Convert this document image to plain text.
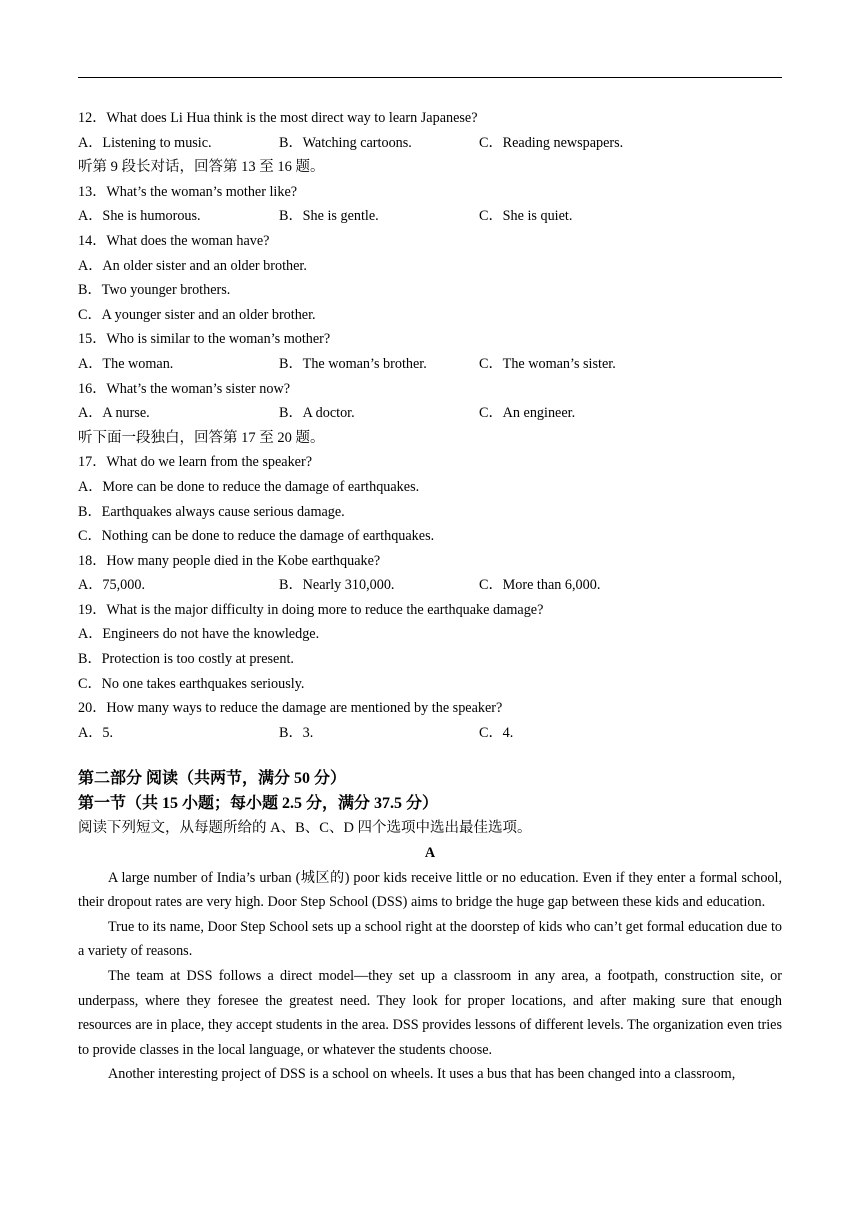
12．What does Li Hua think is the most direct way to learn Japanese?
A．Listening to music.	B．Watching cartoons.	C．Reading newspapers.
听第 9 段长对话，回答第 13 至 16 题。
13．What’s the woman’s mother like?
A．She is humorous.	B．She is gentle.	C．She is quiet.
14．What does the woman have?
A．An older sister and an older brother.
B．Two younger brothers.
C．A younger sister and an older brother.
15．Who is similar to the woman’s mother?
A．The woman.	B．The woman’s brother.	C．The woman’s sister.
16．What’s the woman’s sister now?
A．A nurse.	B．A doctor.	C．An engineer.
听下面一段独白，回答第 17 至 20 题。
17．What do we learn from the speaker?
A．More can be done to reduce the damage of earthquakes.
B．Earthquakes always cause serious damage.
C．Nothing can be done to reduce the damage of earthquakes.
18．How many people died in the Kobe earthquake?
A．75,000.	B．Nearly 310,000.	C．More than 6,000.
19．What is the major difficulty in doing more to reduce the earthquake damage?
A．Engineers do not have the knowledge.
B．Protection is too costly at present.
C．No one takes earthquakes seriously.
20．How many ways to reduce the damage are mentioned by the speaker?
A．5.	B．3.	C．4.
第二部分 阅读（共两节，满分 50 分）
第一节（共 15 小题；每小题 2.5 分，满分 37.5 分）
阅读下列短文，从每题所给的 A、B、C、D 四个选项中选出最佳选项。
A

A large number of India’s urban (城区的) poor kids receive little or no education. Even if they enter a formal school, their dropout rates are very high. Door Step School (DSS) aims to bridge the huge gap between these kids and education.

True to its name, Door Step School sets up a school right at the doorstep of kids who can’t get formal education due to a variety of reasons.

The team at DSS follows a direct model—they set up a classroom in any area, a footpath, construction site, or underpass, where they foresee the greatest need. They look for proper locations, and after making sure that enough resources are in place, they accept students in the area. DSS provides lessons of different levels. The organization even tries to provide classes in the local language, or whatever the students choose.

Another interesting project of DSS is a school on wheels. It uses a bus that has been changed into a classroom,
